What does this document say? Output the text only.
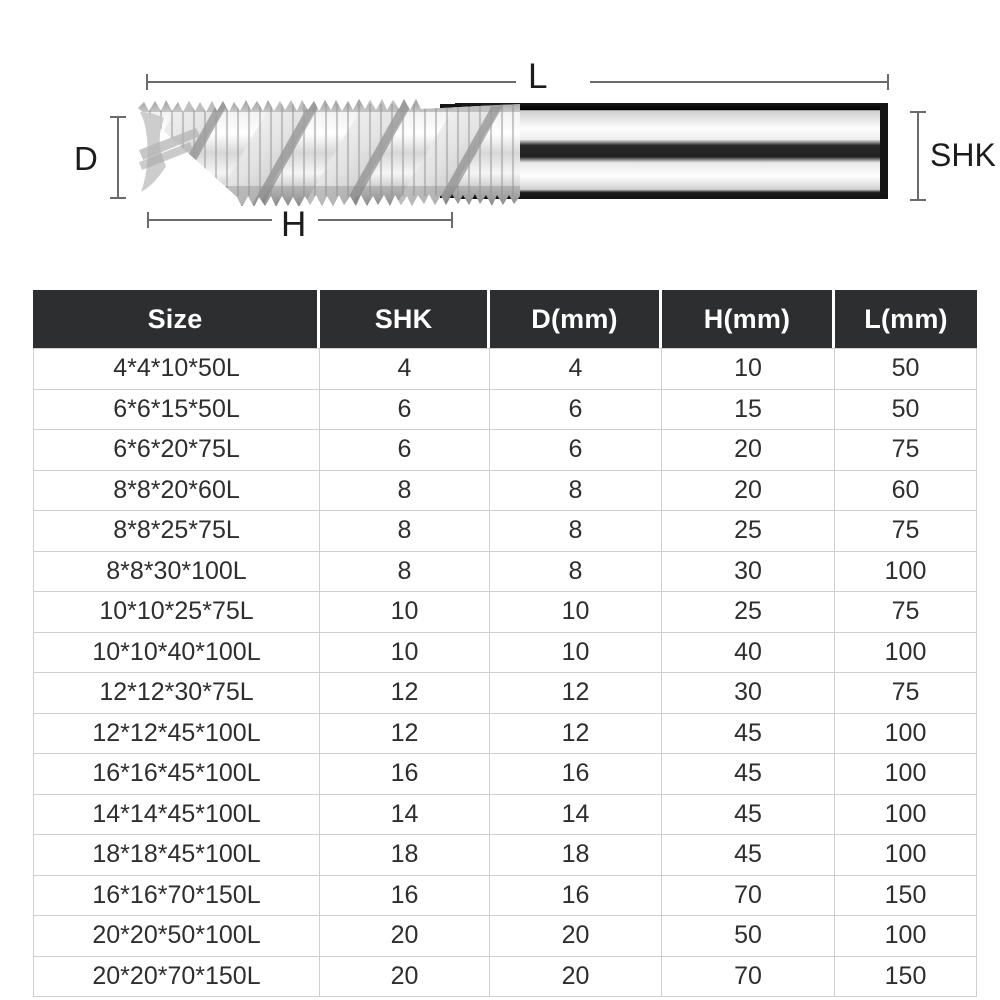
L
D
H
SHK
Size	SHK	D(mm)	H(mm)	L(mm)
4*4*10*50L	4	4	10	50
6*6*15*50L	6	6	15	50
6*6*20*75L	6	6	20	75
8*8*20*60L	8	8	20	60
8*8*25*75L	8	8	25	75
8*8*30*100L	8	8	30	100
10*10*25*75L	10	10	25	75
10*10*40*100L	10	10	40	100
12*12*30*75L	12	12	30	75
12*12*45*100L	12	12	45	100
16*16*45*100L	16	16	45	100
14*14*45*100L	14	14	45	100
18*18*45*100L	18	18	45	100
16*16*70*150L	16	16	70	150
20*20*50*100L	20	20	50	100
20*20*70*150L	20	20	70	150
